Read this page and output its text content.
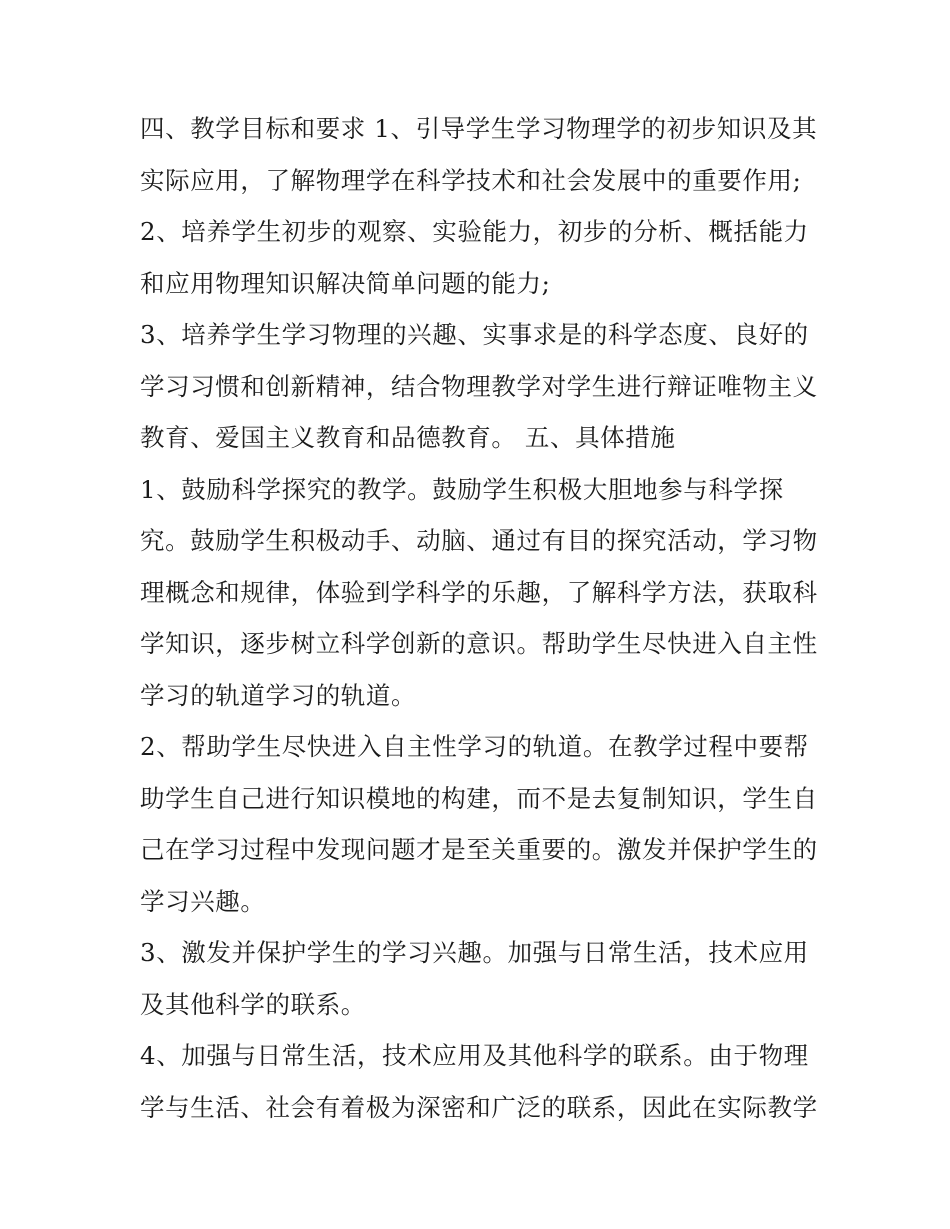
四、教学目标和要求 1、引导学生学习物理学的初步知识及其
实际应用，了解物理学在科学技术和社会发展中的重要作用;
2、培养学生初步的观察、实验能力，初步的分析、概括能力
和应用物理知识解决简单问题的能力;
3、培养学生学习物理的兴趣、实事求是的科学态度、良好的
学习习惯和创新精神，结合物理教学对学生进行辩证唯物主义
教育、爱国主义教育和品德教育。 五、具体措施
1、鼓励科学探究的教学。鼓励学生积极大胆地参与科学探
究。鼓励学生积极动手、动脑、通过有目的探究活动，学习物
理概念和规律，体验到学科学的乐趣，了解科学方法，获取科
学知识，逐步树立科学创新的意识。帮助学生尽快进入自主性
学习的轨道学习的轨道。
2、帮助学生尽快进入自主性学习的轨道。在教学过程中要帮
助学生自己进行知识模地的构建，而不是去复制知识，学生自
己在学习过程中发现问题才是至关重要的。激发并保护学生的
学习兴趣。
3、激发并保护学生的学习兴趣。加强与日常生活，技术应用
及其他科学的联系。
4、加强与日常生活，技术应用及其他科学的联系。由于物理
学与生活、社会有着极为深密和广泛的联系，因此在实际教学
